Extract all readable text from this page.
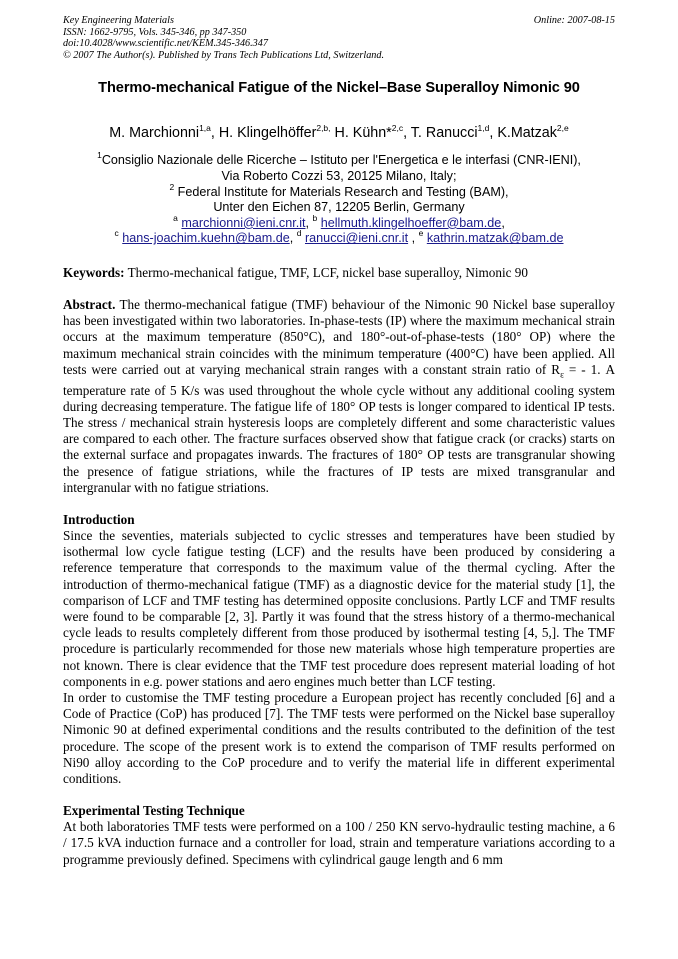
Key Engineering Materials
ISSN: 1662-9795, Vols. 345-346, pp 347-350
doi:10.4028/www.scientific.net/KEM.345-346.347
© 2007 The Author(s). Published by Trans Tech Publications Ltd, Switzerland.
Online: 2007-08-15
Thermo-mechanical Fatigue of the Nickel–Base Superalloy Nimonic 90
M. Marchionni$^{1,a}$, H. Klingelhöffer$^{2,b,}$ H. Kühn*$^{2,c}$, T. Ranucci$^{1,d}$, K.Matzak$^{2,e}$
$^1$Consiglio Nazionale delle Ricerche – Istituto per l'Energetica e le interfasi (CNR-IENI),
Via Roberto Cozzi 53, 20125 Milano, Italy;
$^2$ Federal Institute for Materials Research and Testing (BAM),
Unter den Eichen 87, 12205 Berlin, Germany
$^a$ marchionni@ieni.cnr.it, $^b$ hellmuth.klingelhoeffer@bam.de,
$^c$ hans-joachim.kuehn@bam.de, $^d$ ranucci@ieni.cnr.it , $^e$ kathrin.matzak@bam.de
Keywords: Thermo-mechanical fatigue, TMF, LCF, nickel base superalloy, Nimonic 90

Abstract. The thermo-mechanical fatigue (TMF) behaviour of the Nimonic 90 Nickel base superalloy has been investigated within two laboratories. In-phase-tests (IP) where the maximum mechanical strain occurs at the maximum temperature (850°C), and 180°-out-of-phase-tests (180° OP) where the maximum mechanical strain coincides with the minimum temperature (400°C) have been applied. All tests were carried out at varying mechanical strain ranges with a constant strain ratio of $R_\varepsilon$ = - 1. A temperature rate of 5 K/s was used throughout the whole cycle without any additional cooling system during decreasing temperature. The fatigue life of 180° OP tests is longer compared to identical IP tests. The stress / mechanical strain hysteresis loops are completely different and some characteristic values are compared to each other. The fracture surfaces observed show that fatigue crack (or cracks) starts on the external surface and propagates inwards. The fractures of 180° OP tests are transgranular showing the presence of fatigue striations, while the fractures of IP tests are mixed transgranular and intergranular with no fatigue striations.

Introduction

Since the seventies, materials subjected to cyclic stresses and temperatures have been studied by isothermal low cycle fatigue testing (LCF) and the results have been produced by considering a reference temperature that corresponds to the maximum value of the thermal cycling. After the introduction of thermo-mechanical fatigue (TMF) as a diagnostic device for the material study [1], the comparison of LCF and TMF testing has determined opposite conclusions. Partly LCF and TMF results were found to be comparable [2, 3]. Partly it was found that the stress history of a thermo-mechanical cycle leads to results completely different from those produced by isothermal testing [4, 5,]. The TMF procedure is particularly recommended for those new materials whose high temperature properties are not known. There is clear evidence that the TMF test procedure does represent material loading of hot components in e.g. power stations and aero engines much better than LCF testing.

In order to customise the TMF testing procedure a European project has recently concluded [6] and a Code of Practice (CoP) has produced [7]. The TMF tests were performed on the Nickel base superalloy Nimonic 90 at defined experimental conditions and the results contributed to the definition of the test procedure. The scope of the present work is to extend the comparison of TMF results performed on Ni90 alloy according to the CoP procedure and to verify the material life in different experimental conditions.

Experimental Testing Technique

At both laboratories TMF tests were performed on a 100 / 250 KN servo-hydraulic testing machine, a 6 / 17.5 kVA induction furnace and a controller for load, strain and temperature variations according to a programme previously defined. Specimens with cylindrical gauge length and 6 mm
